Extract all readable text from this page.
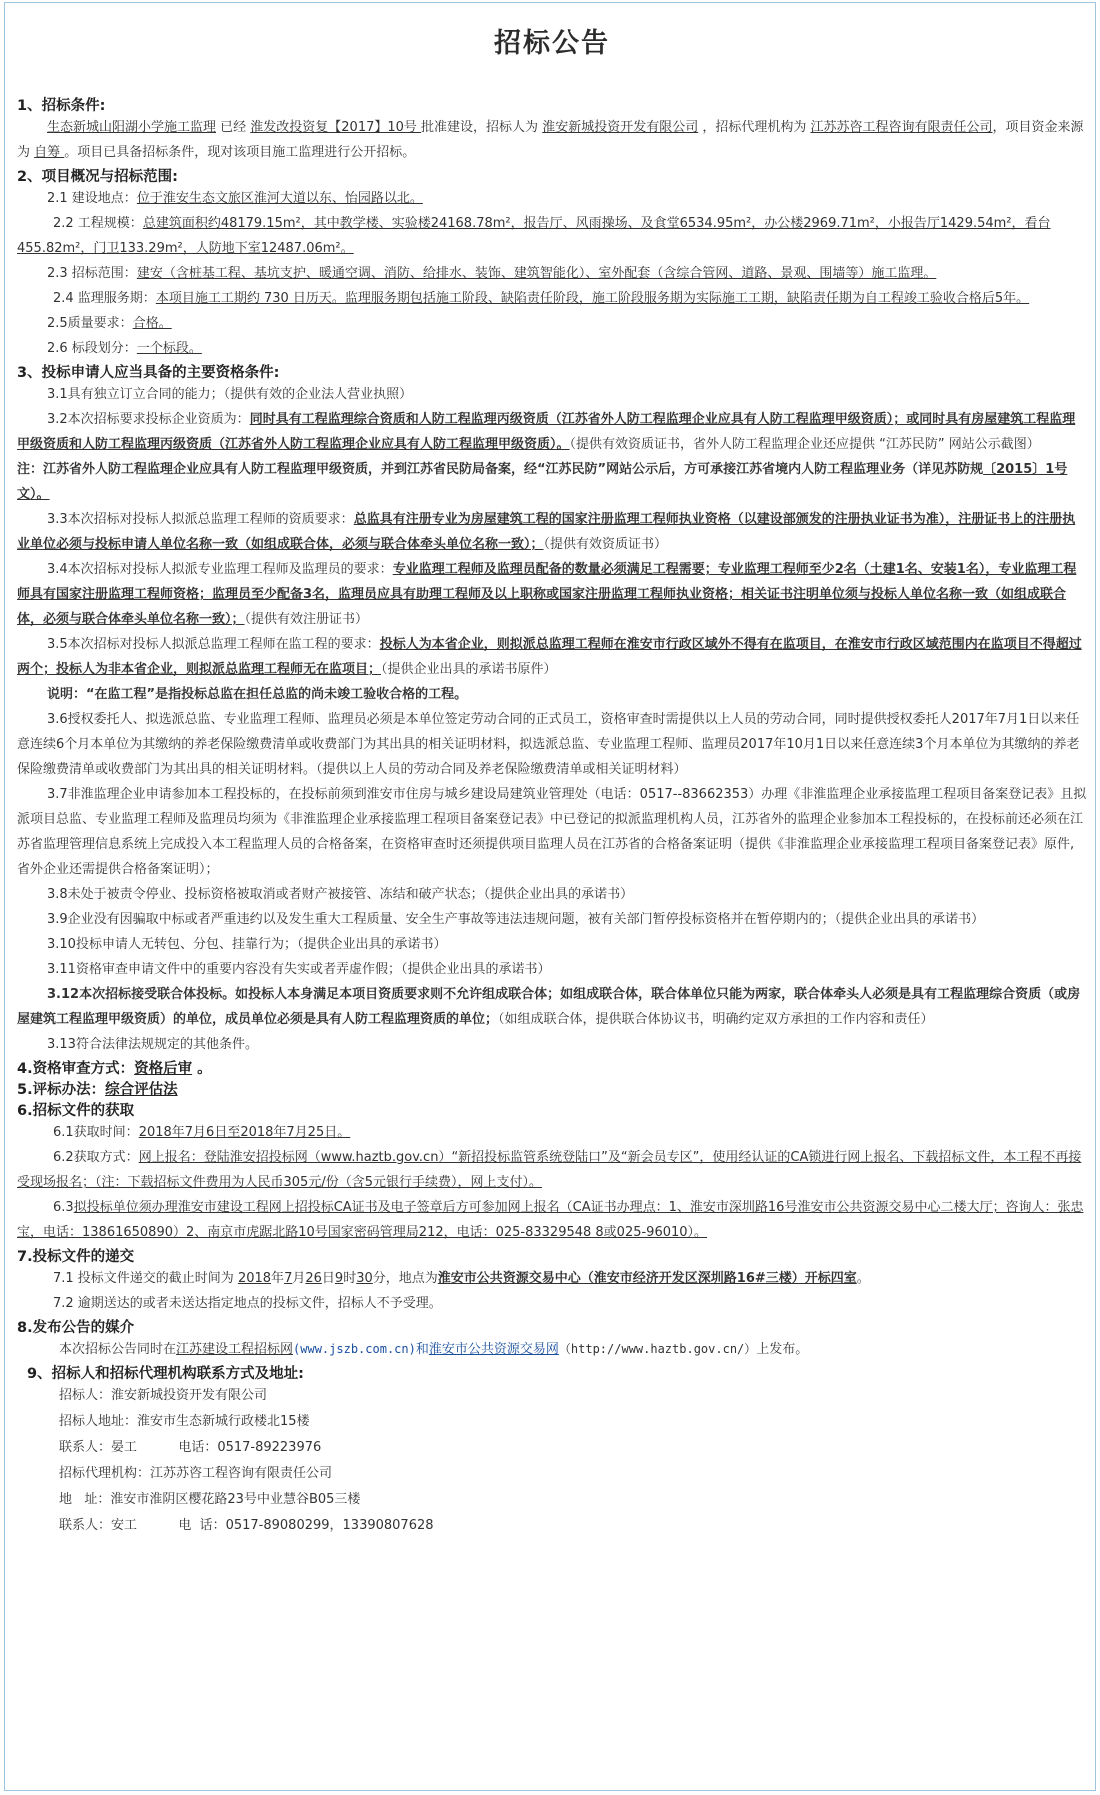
招标公告

1、招标条件:

生态新城山阳湖小学施工监理 已经 淮发改投资复【2017】10号 批准建设，招标人为 淮安新城投资开发有限公司 ，招标代理机构为 江苏苏咨工程咨询有限责任公司，项目资金来源为 自筹 。项目已具备招标条件，现对该项目施工监理进行公开招标。

2、项目概况与招标范围:

2.1 建设地点：位于淮安生态文旅区淮河大道以东、怡园路以北。

2.2 工程规模：总建筑面积约48179.15m²，其中教学楼、实验楼24168.78m²，报告厅、风雨操场、及食堂6534.95m²，办公楼2969.71m²，小报告厅1429.54m²，看台455.82m²，门卫133.29m²，人防地下室12487.06m²。

2.3 招标范围：建安（含桩基工程、基坑支护、暖通空调、消防、给排水、装饰、建筑智能化）、室外配套（含综合管网、道路、景观、围墙等）施工监理。

2.4 监理服务期：本项目施工工期约 730 日历天。监理服务期包括施工阶段、缺陷责任阶段，施工阶段服务期为实际施工工期，缺陷责任期为自工程竣工验收合格后5年。

2.5质量要求：合格。

2.6 标段划分：一个标段。

3、投标申请人应当具备的主要资格条件:

3.1具有独立订立合同的能力；（提供有效的企业法人营业执照）

3.2本次招标要求投标企业资质为：同时具有工程监理综合资质和人防工程监理丙级资质（江苏省外人防工程监理企业应具有人防工程监理甲级资质）；或同时具有房屋建筑工程监理甲级资质和人防工程监理丙级资质（江苏省外人防工程监理企业应具有人防工程监理甲级资质）。（提供有效资质证书，省外人防工程监理企业还应提供 “江苏民防” 网站公示截图）

注：江苏省外人防工程监理企业应具有人防工程监理甲级资质，并到江苏省民防局备案，经“江苏民防”网站公示后，方可承接江苏省境内人防工程监理业务（详见苏防规〔2015〕1号文）。

3.3本次招标对投标人拟派总监理工程师的资质要求：总监具有注册专业为房屋建筑工程的国家注册监理工程师执业资格（以建设部颁发的注册执业证书为准），注册证书上的注册执业单位必须与投标申请人单位名称一致（如组成联合体，必须与联合体牵头单位名称一致）；（提供有效资质证书）

3.4本次招标对投标人拟派专业监理工程师及监理员的要求：专业监理工程师及监理员配备的数量必须满足工程需要；专业监理工程师至少2名（土建1名、安装1名），专业监理工程师具有国家注册监理工程师资格；监理员至少配备3名，监理员应具有助理工程师及以上职称或国家注册监理工程师执业资格；相关证书注明单位须与投标人单位名称一致（如组成联合体，必须与联合体牵头单位名称一致）；（提供有效注册证书）

3.5本次招标对投标人拟派总监理工程师在监工程的要求：投标人为本省企业，则拟派总监理工程师在淮安市行政区域外不得有在监项目，在淮安市行政区域范围内在监项目不得超过两个；投标人为非本省企业，则拟派总监理工程师无在监项目；（提供企业出具的承诺书原件）

说明：“在监工程”是指投标总监在担任总监的尚未竣工验收合格的工程。

3.6授权委托人、拟选派总监、专业监理工程师、监理员必须是本单位签定劳动合同的正式员工，资格审查时需提供以上人员的劳动合同，同时提供授权委托人2017年7月1日以来任意连续6个月本单位为其缴纳的养老保险缴费清单或收费部门为其出具的相关证明材料，拟选派总监、专业监理工程师、监理员2017年10月1日以来任意连续3个月本单位为其缴纳的养老保险缴费清单或收费部门为其出具的相关证明材料。（提供以上人员的劳动合同及养老保险缴费清单或相关证明材料）

3.7非淮监理企业申请参加本工程投标的，在投标前须到淮安市住房与城乡建设局建筑业管理处（电话：0517--83662353）办理《非淮监理企业承接监理工程项目备案登记表》且拟派项目总监、专业监理工程师及监理员均须为《非淮监理企业承接监理工程项目备案登记表》中已登记的拟派监理机构人员，江苏省外的监理企业参加本工程投标的，在投标前还必须在江苏省监理管理信息系统上完成投入本工程监理人员的合格备案，在资格审查时还须提供项目监理人员在江苏省的合格备案证明（提供《非淮监理企业承接监理工程项目备案登记表》原件,省外企业还需提供合格备案证明）；

3.8未处于被责令停业、投标资格被取消或者财产被接管、冻结和破产状态；（提供企业出具的承诺书）

3.9企业没有因骗取中标或者严重违约以及发生重大工程质量、安全生产事故等违法违规问题，被有关部门暂停投标资格并在暂停期内的；（提供企业出具的承诺书）

3.10投标申请人无转包、分包、挂靠行为；（提供企业出具的承诺书）

3.11资格审查申请文件中的重要内容没有失实或者弄虚作假；（提供企业出具的承诺书）

3.12本次招标接受联合体投标。如投标人本身满足本项目资质要求则不允许组成联合体；如组成联合体，联合体单位只能为两家，联合体牵头人必须是具有工程监理综合资质（或房屋建筑工程监理甲级资质）的单位，成员单位必须是具有人防工程监理资质的单位；（如组成联合体，提供联合体协议书，明确约定双方承担的工作内容和责任）

3.13符合法律法规规定的其他条件。

4.资格审查方式：资格后审 。

5.评标办法：综合评估法

6.招标文件的获取

6.1获取时间：2018年7月6日至2018年7月25日。

6.2获取方式：网上报名：登陆淮安招投标网（www.haztb.gov.cn）“新招投标监管系统登陆口”及“新会员专区”，使用经认证的CA锁进行网上报名、下载招标文件，本工程不再接受现场报名；（注：下载招标文件费用为人民币305元/份（含5元银行手续费），网上支付）。

6.3拟投标单位须办理淮安市建设工程网上招投标CA证书及电子签章后方可参加网上报名（CA证书办理点：1、淮安市深圳路16号淮安市公共资源交易中心二楼大厅；咨询人：张忠宝，电话：13861650890）2、南京市虎踞北路10号国家密码管理局212，电话：025-83329548 8或025-96010）。

7.投标文件的递交

7.1 投标文件递交的截止时间为 2018年7月26日9时30分，地点为淮安市公共资源交易中心（淮安市经济开发区深圳路16#三楼）开标四室。

7.2 逾期送达的或者未送达指定地点的投标文件，招标人不予受理。

8.发布公告的媒介

本次招标公告同时在江苏建设工程招标网(www.jszb.com.cn)和淮安市公共资源交易网（http://www.haztb.gov.cn/）上发布。

9、招标人和招标代理机构联系方式及地址:

招标人：淮安新城投资开发有限公司

招标人地址：淮安市生态新城行政楼北15楼

联系人：晏工          电话：0517-89223976

招标代理机构：江苏苏咨工程咨询有限责任公司

地   址：淮安市淮阴区樱花路23号中业慧谷B05三楼

联系人：安工          电  话：0517-89080299，13390807628
